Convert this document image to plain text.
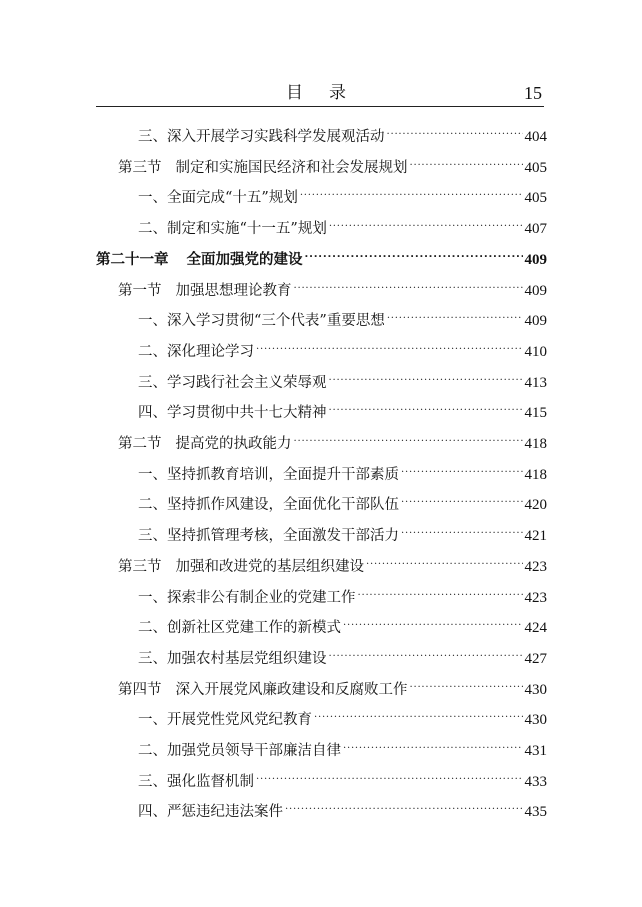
目录	15
三、深入开展学习实践科学发展观活动 .....	404
第三节 制定和实施国民经济和社会发展规划 .....	405
一、全面完成“十五”规划 .....	405
二、制定和实施“十一五”规划 .....	407
第二十一章 全面加强党的建设 .....	409
第一节 加强思想理论教育 .....	409
一、深入学习贯彻“三个代表”重要思想 .....	409
二、深化理论学习 .....	410
三、学习践行社会主义荣辱观 .....	413
四、学习贯彻中共十七大精神 .....	415
第二节 提高党的执政能力 .....	418
一、坚持抓教育培训，全面提升干部素质 .....	418
二、坚持抓作风建设，全面优化干部队伍 .....	420
三、坚持抓管理考核，全面激发干部活力 .....	421
第三节 加强和改进党的基层组织建设 .....	423
一、探索非公有制企业的党建工作 .....	423
二、创新社区党建工作的新模式 .....	424
三、加强农村基层党组织建设 .....	427
第四节 深入开展党风廉政建设和反腐败工作 .....	430
一、开展党性党风党纪教育 .....	430
二、加强党员领导干部廉洁自律 .....	431
三、强化监督机制 .....	433
四、严惩违纪违法案件 .....	435
